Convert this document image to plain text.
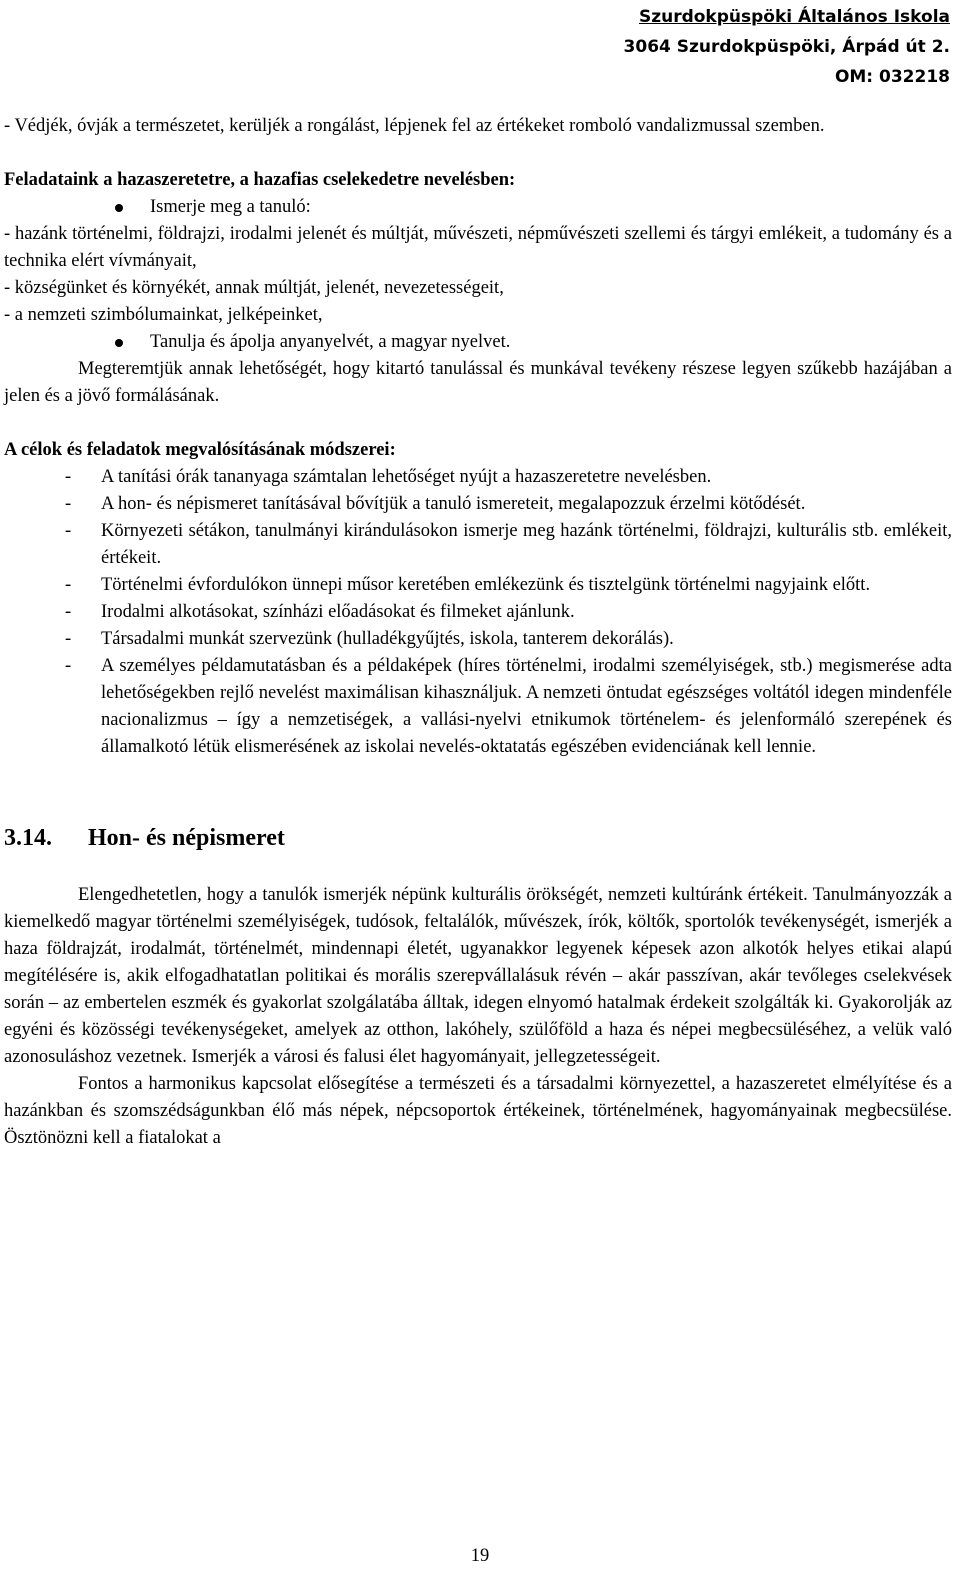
Szurdokpüspöki Általános Iskola
3064 Szurdokpüspöki, Árpád út 2.
OM: 032218

- Védjék, óvják a természetet, kerüljék a rongálást, lépjenek fel az értékeket romboló vandalizmussal szemben.

Feladataink a hazaszeretetre, a hazafias cselekedetre nevelésben:

Ismerje meg a tanuló:

- hazánk történelmi, földrajzi, irodalmi jelenét és múltját, művészeti, népművészeti szellemi és tárgyi emlékeit, a tudomány és a technika elért vívmányait,

- községünket és környékét, annak múltját, jelenét, nevezetességeit,

- a nemzeti szimbólumainkat, jelképeinket,

Tanulja és ápolja anyanyelvét, a magyar nyelvet.

Megteremtjük annak lehetőségét, hogy kitartó tanulással és munkával tevékeny részese legyen szűkebb hazájában a jelen és a jövő formálásának.

A célok és feladatok megvalósításának módszerei:

- A tanítási órák tananyaga számtalan lehetőséget nyújt a hazaszeretetre nevelésben.
- A hon- és népismeret tanításával bővítjük a tanuló ismereteit, megalapozzuk érzelmi kötődését.
- Környezeti sétákon, tanulmányi kirándulásokon ismerje meg hazánk történelmi, földrajzi, kulturális stb. emlékeit, értékeit.
- Történelmi évfordulókon ünnepi műsor keretében emlékezünk és tisztelgünk történelmi nagyjaink előtt.
- Irodalmi alkotásokat, színházi előadásokat és filmeket ajánlunk.
- Társadalmi munkát szervezünk (hulladékgyűjtés, iskola, tanterem dekorálás).
- A személyes példamutatásban és a példaképek (híres történelmi, irodalmi személyiségek, stb.) megismerése adta lehetőségekben rejlő nevelést maximálisan kihasználjuk. A nemzeti öntudat egészséges voltától idegen mindenféle nacionalizmus – így a nemzetiségek, a vallási-nyelvi etnikumok történelem- és jelenformáló szerepének és államalkotó létük elismerésének az iskolai nevelés-oktatatás egészében evidenciának kell lennie.
3.14. Hon- és népismeret

Elengedhetetlen, hogy a tanulók ismerjék népünk kulturális örökségét, nemzeti kultúránk értékeit. Tanulmányozzák a kiemelkedő magyar történelmi személyiségek, tudósok, feltalálók, művészek, írók, költők, sportolók tevékenységét, ismerjék a haza földrajzát, irodalmát, történelmét, mindennapi életét, ugyanakkor legyenek képesek azon alkotók helyes etikai alapú megítélésére is, akik elfogadhatatlan politikai és morális szerepvállalásuk révén – akár passzívan, akár tevőleges cselekvések során – az embertelen eszmék és gyakorlat szolgálatába álltak, idegen elnyomó hatalmak érdekeit szolgálták ki. Gyakorolják az egyéni és közösségi tevékenységeket, amelyek az otthon, lakóhely, szülőföld a haza és népei megbecsüléséhez, a velük való azonosuláshoz vezetnek. Ismerjék a városi és falusi élet hagyományait, jellegzetességeit.

Fontos a harmonikus kapcsolat elősegítése a természeti és a társadalmi környezettel, a hazaszeretet elmélyítése és a hazánkban és szomszédságunkban élő más népek, népcsoportok értékeinek, történelmének, hagyományainak megbecsülése. Ösztönözni kell a fiatalokat a

19
